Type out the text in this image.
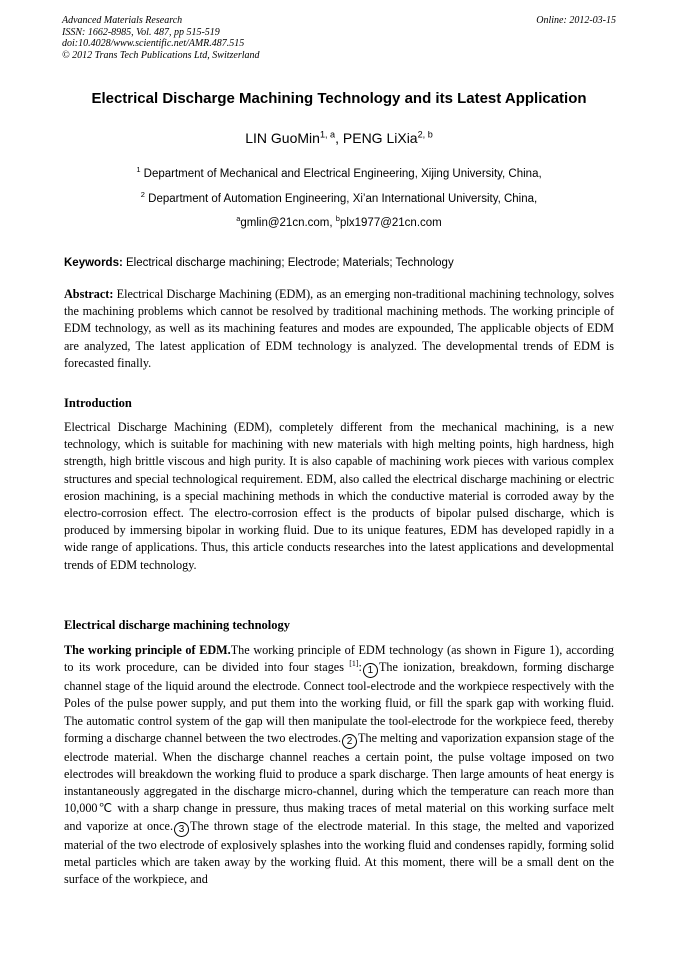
Advanced Materials Research
ISSN: 1662-8985, Vol. 487, pp 515-519
doi:10.4028/www.scientific.net/AMR.487.515
© 2012 Trans Tech Publications Ltd, Switzerland
Online: 2012-03-15
Electrical Discharge Machining Technology and its Latest Application
LIN GuoMin$^{1, a}$, PENG LiXia$^{2, b}$
$^1$ Department of Mechanical and Electrical Engineering, Xijing University, China,
$^2$ Department of Automation Engineering, Xi’an International University, China,
$^a$gmlin@21cn.com, $^b$plx1977@21cn.com
Keywords: Electrical discharge machining; Electrode; Materials; Technology
Abstract: Electrical Discharge Machining (EDM), as an emerging non-traditional machining technology, solves the machining problems which cannot be resolved by traditional machining methods. The working principle of EDM technology, as well as its machining features and modes are expounded, The applicable objects of EDM are analyzed, The latest application of EDM technology is analyzed. The developmental trends of EDM is forecasted finally.
Introduction
Electrical Discharge Machining (EDM), completely different from the mechanical machining, is a new technology, which is suitable for machining with new materials with high melting points, high hardness, high strength, high brittle viscous and high purity. It is also capable of machining work pieces with various complex structures and special technological requirement. EDM, also called the electrical discharge machining or electric erosion machining, is a special machining methods in which the conductive material is corroded away by the electro-corrosion effect. The electro-corrosion effect is the products of bipolar pulsed discharge, which is produced by immersing bipolar in working fluid. Due to its unique features, EDM has developed rapidly in a wide range of applications. Thus, this article conducts researches into the latest applications and developmental trends of EDM technology.
Electrical discharge machining technology
The working principle of EDM.The working principle of EDM technology (as shown in Figure 1), according to its work procedure, can be divided into four stages [1]: 1 The ionization, breakdown, forming discharge channel stage of the liquid around the electrode. Connect tool-electrode and the workpiece respectively with the Poles of the pulse power supply, and put them into the working fluid, or fill the spark gap with working fluid. The automatic control system of the gap will then manipulate the tool-electrode for the workpiece feed, thereby forming a discharge channel between the two electrodes. 2 The melting and vaporization expansion stage of the electrode material. When the discharge channel reaches a certain point, the pulse voltage imposed on two electrodes will breakdown the working fluid to produce a spark discharge. Then large amounts of heat energy is instantaneously aggregated in the discharge micro-channel, during which the temperature can reach more than 10,000℃ with a sharp change in pressure, thus making traces of metal material on this working surface melt and vaporize at once. 3 The thrown stage of the electrode material. In this stage, the melted and vaporized material of the two electrode of explosively splashes into the working fluid and condenses rapidly, forming solid metal particles which are taken away by the working fluid. At this moment, there will be a small dent on the surface of the workpiece, and
